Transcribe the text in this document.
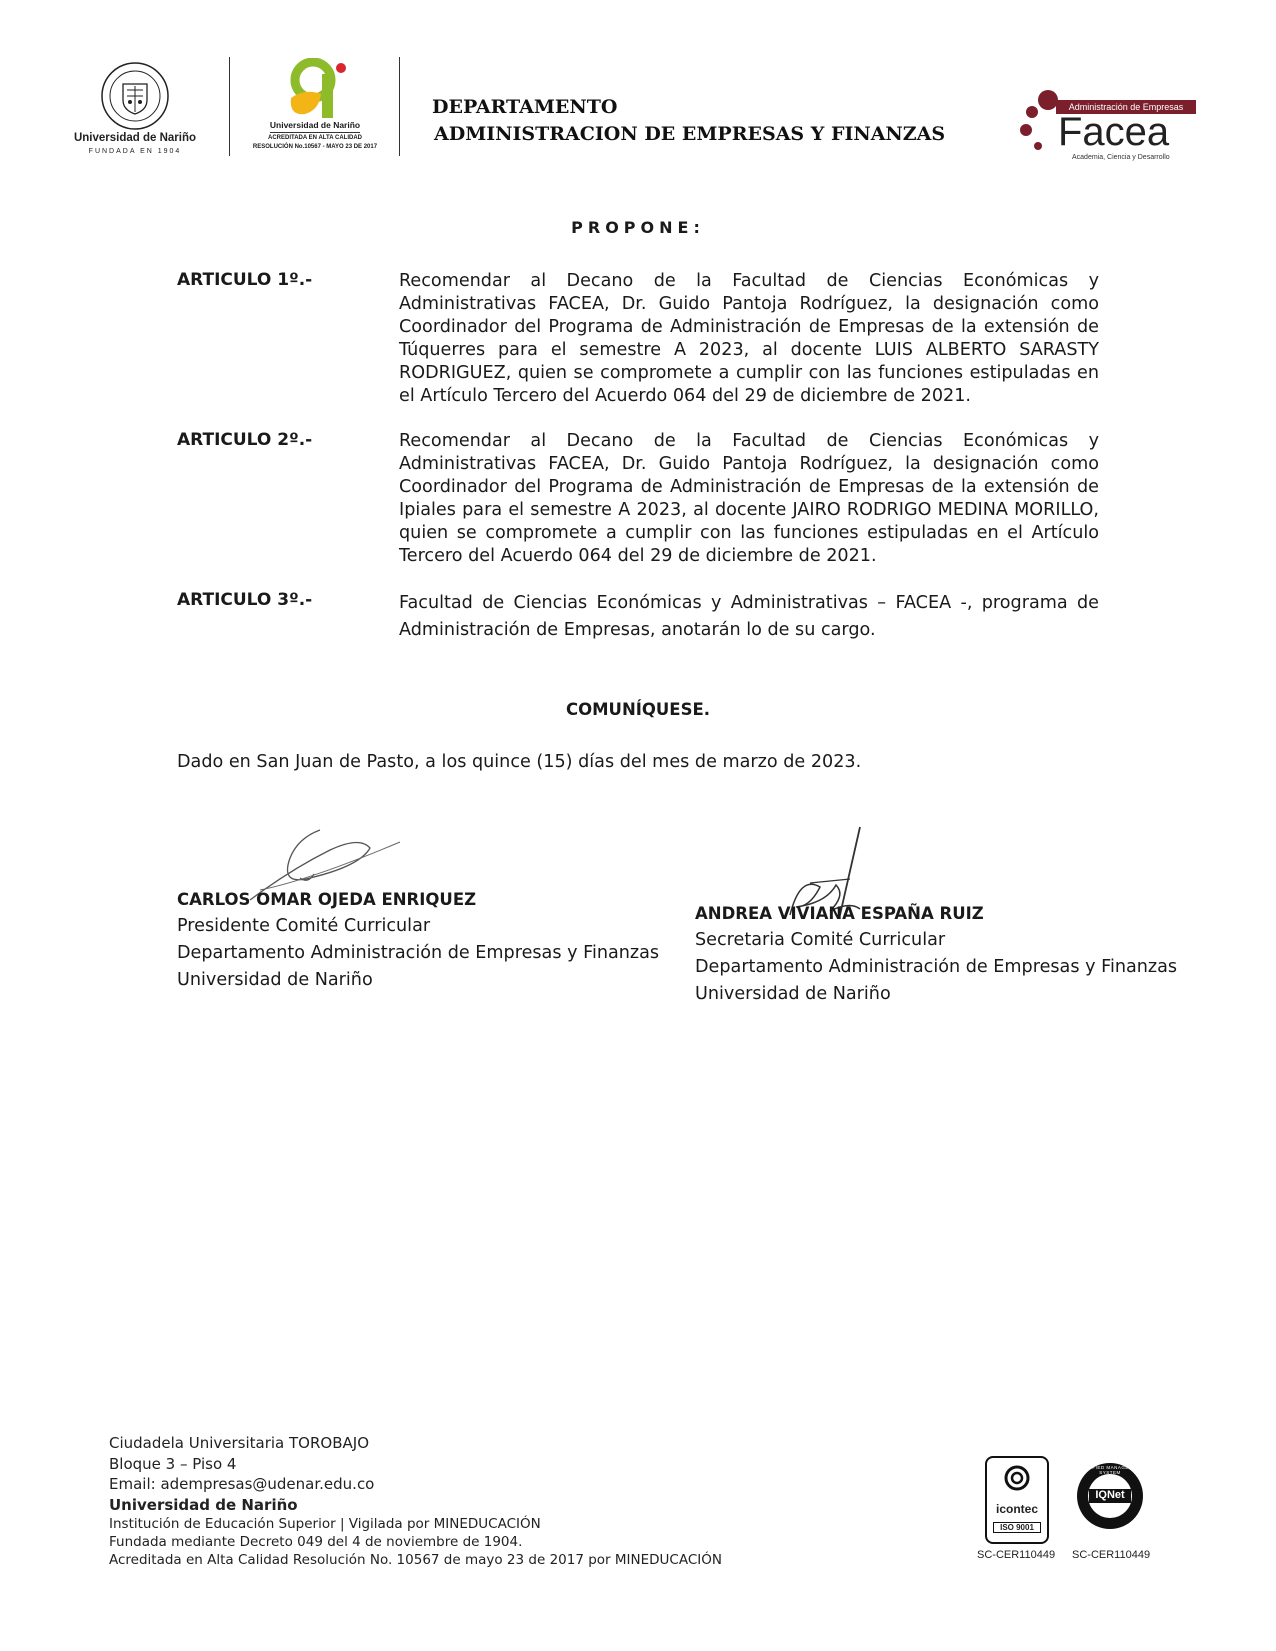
Universidad de Nariño
FUNDADA EN 1904
Universidad de Nariño
ACREDITADA EN ALTA CALIDAD
RESOLUCIÓN No.10567 - MAYO 23 DE 2017
DEPARTAMENTO
ADMINISTRACION DE EMPRESAS Y FINANZAS
Administración de Empresas
Facea
Academia, Ciencia y Desarrollo
PROPONE:
ARTICULO 1º.-	Recomendar al Decano de la Facultad de Ciencias Económicas y Administrativas FACEA, Dr. Guido Pantoja Rodríguez, la designación como Coordinador del Programa de Administración de Empresas de la extensión de Túquerres para el semestre A 2023, al docente LUIS ALBERTO SARASTY RODRIGUEZ, quien se compromete a cumplir con las funciones estipuladas en el Artículo Tercero del Acuerdo 064 del 29 de diciembre de 2021.
ARTICULO 2º.-	Recomendar al Decano de la Facultad de Ciencias Económicas y Administrativas FACEA, Dr. Guido Pantoja Rodríguez, la designación como Coordinador del Programa de Administración de Empresas de la extensión de Ipiales para el semestre A 2023, al docente JAIRO RODRIGO MEDINA MORILLO, quien se compromete a cumplir con las funciones estipuladas en el Artículo Tercero del Acuerdo 064 del 29 de diciembre de 2021.
ARTICULO 3º.-	Facultad de Ciencias Económicas y Administrativas – FACEA -, programa de Administración de Empresas, anotarán lo de su cargo.
COMUNÍQUESE.
Dado en San Juan de Pasto, a los quince (15) días del mes de marzo de 2023.
CARLOS OMAR OJEDA ENRIQUEZ
Presidente Comité Curricular
Departamento Administración de Empresas y Finanzas
Universidad de Nariño
ANDREA VIVIANA ESPAÑA RUIZ
Secretaria Comité Curricular
Departamento Administración de Empresas y Finanzas
Universidad de Nariño
Ciudadela Universitaria TOROBAJO
Bloque 3 – Piso 4
Email: adempresas@udenar.edu.co
Universidad de Nariño
Institución de Educación Superior | Vigilada por MINEDUCACIÓN
Fundada mediante Decreto 049 del 4 de noviembre de 1904.
Acreditada en Alta Calidad Resolución No. 10567 de mayo 23 de 2017 por MINEDUCACIÓN
icontec
ISO 9001
SC-CER110449
IQNet
CERTIFIED MANAGEMENT SYSTEM
SC-CER110449
